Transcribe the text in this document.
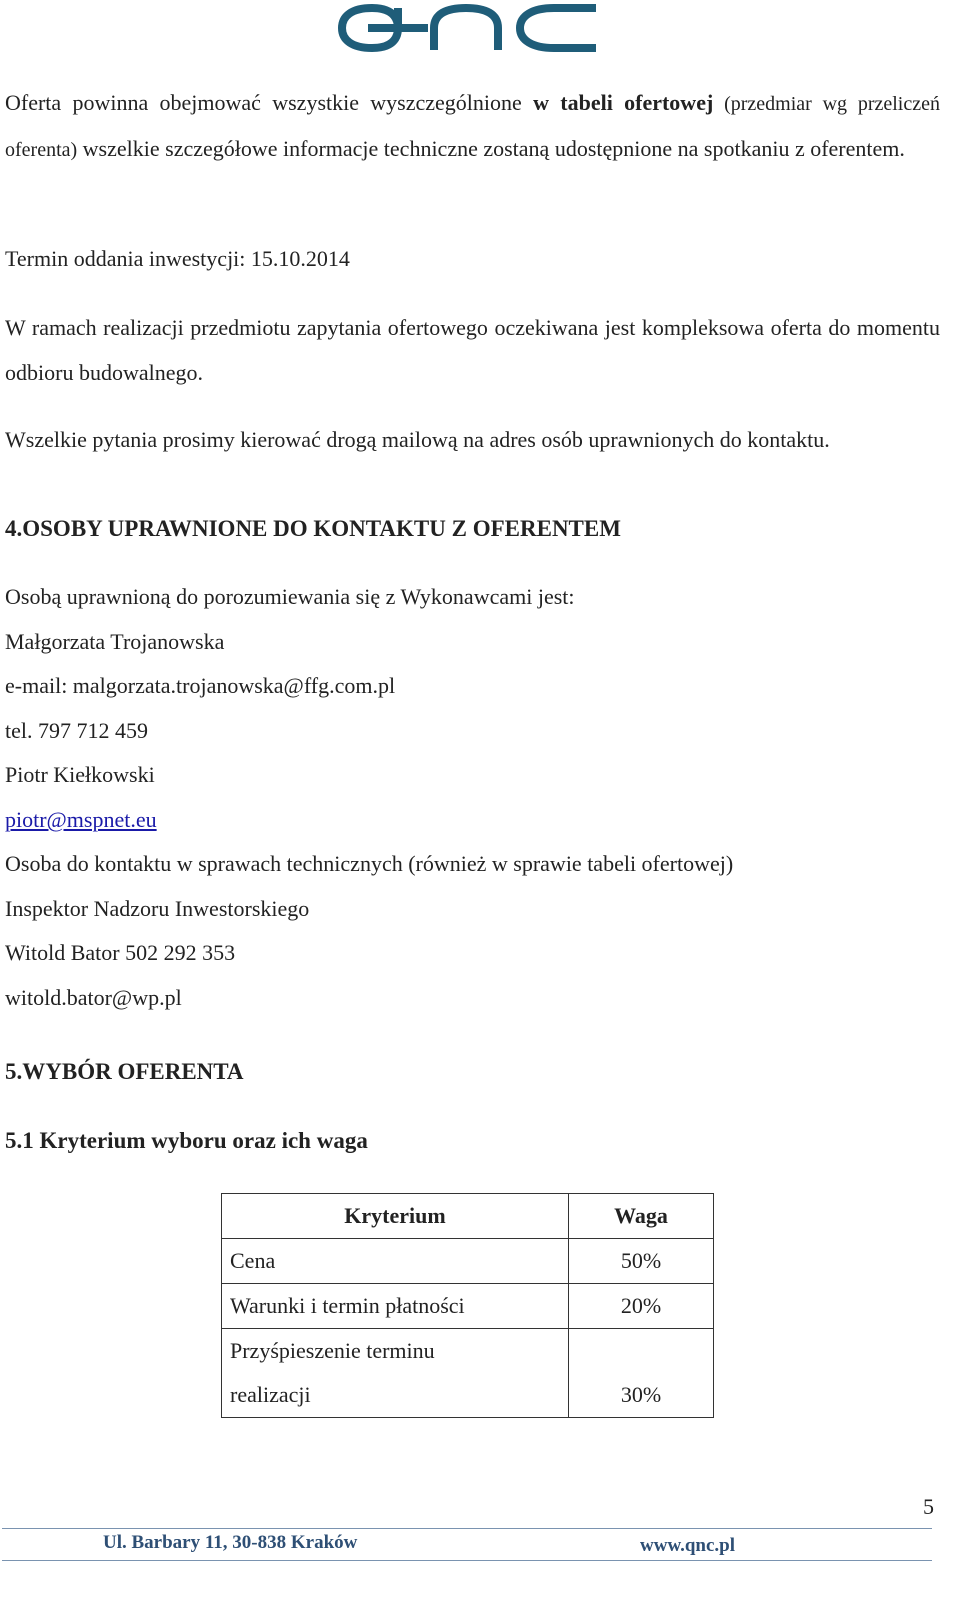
Oferta powinna obejmować wszystkie wyszczególnione w tabeli ofertowej (przedmiar wg przeliczeń oferenta) wszelkie szczegółowe informacje techniczne zostaną udostępnione na spotkaniu z oferentem.

Termin oddania inwestycji: 15.10.2014

W ramach realizacji przedmiotu zapytania ofertowego oczekiwana jest kompleksowa oferta do momentu odbioru budowalnego.

Wszelkie pytania prosimy kierować drogą mailową na adres osób uprawnionych do kontaktu.

4.OSOBY UPRAWNIONE DO KONTAKTU Z OFERENTEM

Osobą uprawnioną do porozumiewania się z Wykonawcami jest:

Małgorzata Trojanowska

e-mail: malgorzata.trojanowska@ffg.com.pl

tel. 797 712 459

Piotr Kiełkowski

piotr@mspnet.eu

Osoba do kontaktu w sprawach technicznych (również w sprawie tabeli ofertowej)

Inspektor Nadzoru Inwestorskiego

Witold Bator 502 292 353

witold.bator@wp.pl

5.WYBÓR OFERENTA
5.1 Kryterium wyboru oraz ich waga
Kryterium	Waga
Cena	50%
Warunki i termin płatności	20%
Przyśpieszenie terminu
realizacji	30%
5
Ul. Barbary 11, 30-838 Kraków	www.qnc.pl
